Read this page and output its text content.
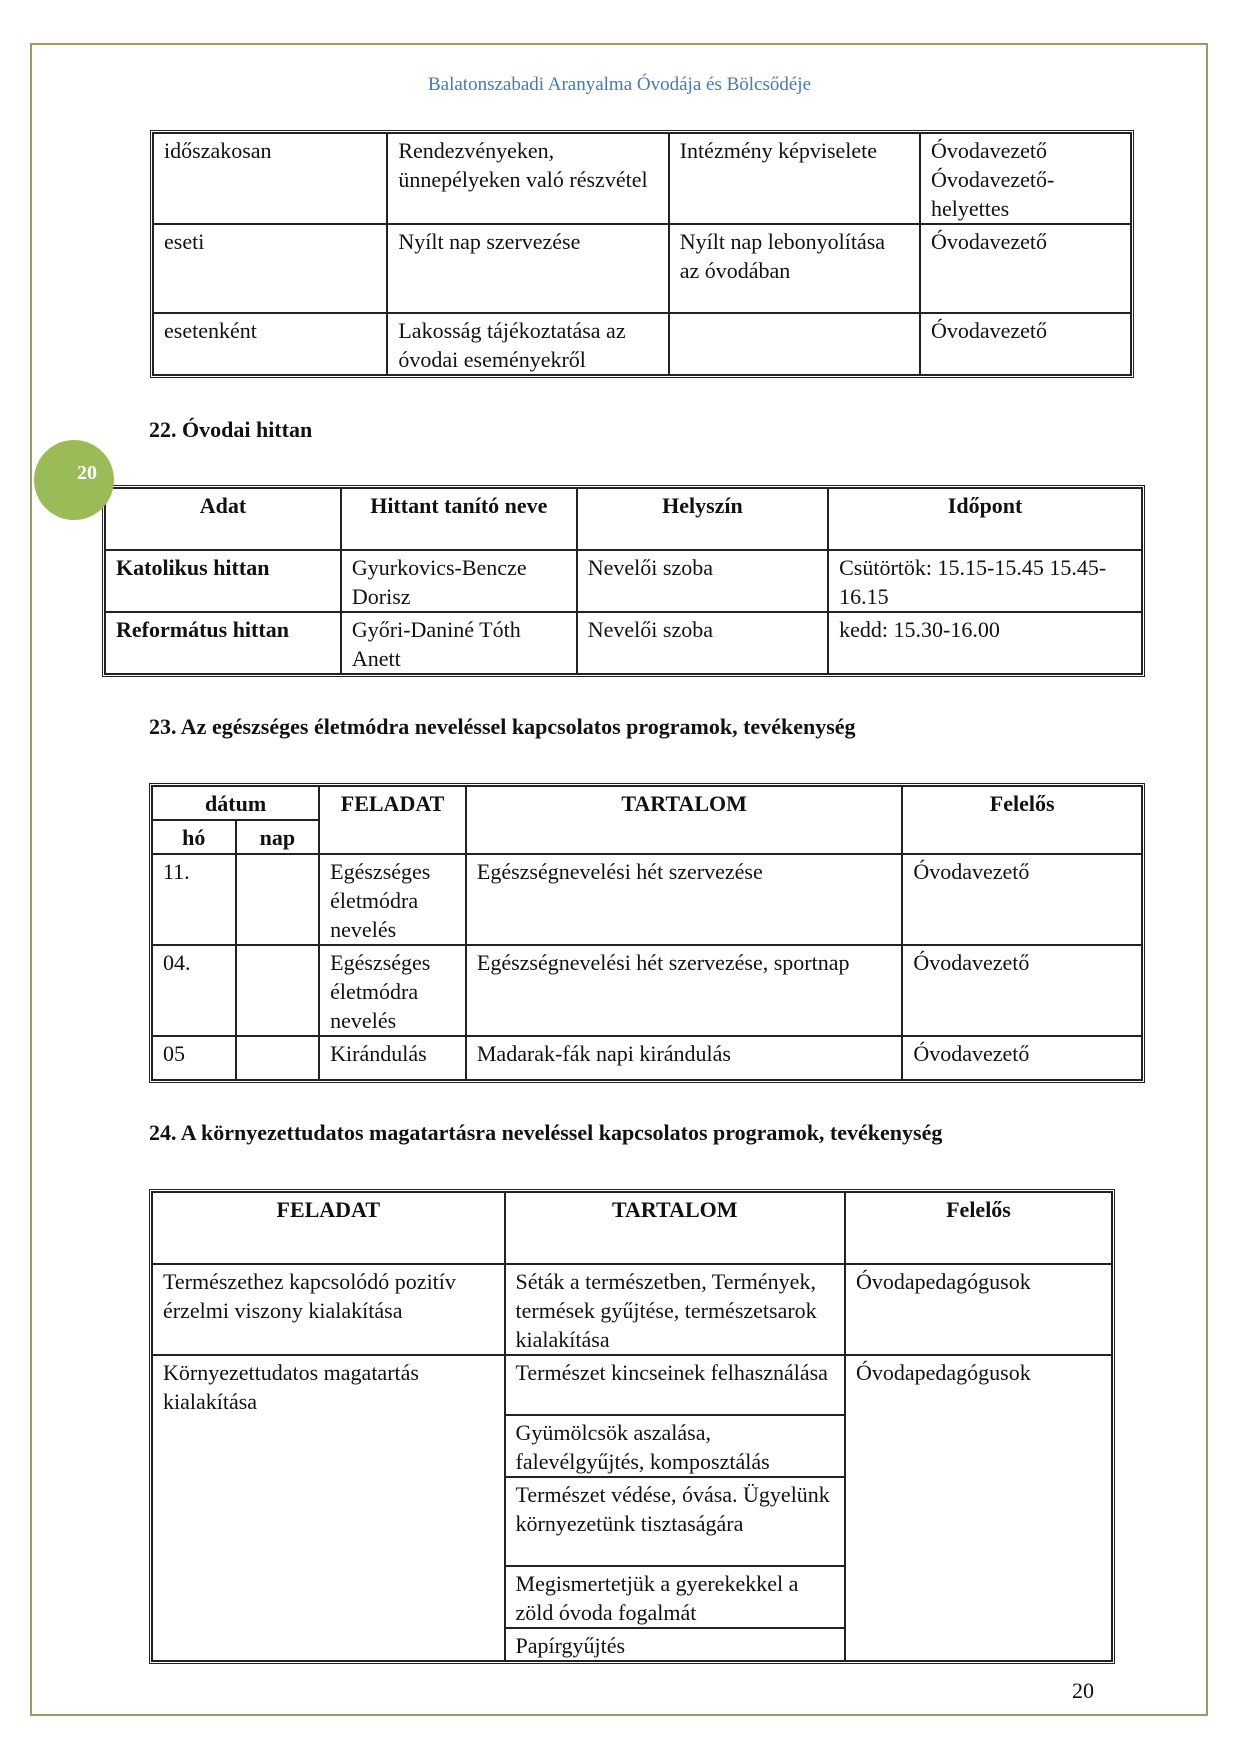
Balatonszabadi Aranyalma Óvodája és Bölcsődéje
időszakosan	Rendezvényeken, ünnepélyeken való részvétel	Intézmény képviselete	Óvodavezető Óvodavezető-helyettes
eseti	Nyílt nap szervezése	Nyílt nap lebonyolítása az óvodában	Óvodavezető
esetenként	Lakosság tájékoztatása az óvodai eseményekről		Óvodavezető
22. Óvodai hittan
20
Adat	Hittant tanító neve	Helyszín	Időpont
Katolikus hittan	Gyurkovics-Bencze Dorisz	Nevelői szoba	Csütörtök: 15.15-15.45 15.45-16.15
Református hittan	Győri-Daniné Tóth Anett	Nevelői szoba	kedd: 15.30-16.00
23. Az egészséges életmódra neveléssel kapcsolatos programok, tevékenység
dátum		FELADAT	TARTALOM	Felelős
hó	nap			
11.		Egészséges életmódra nevelés	Egészségnevelési hét szervezése	Óvodavezető
04.		Egészséges életmódra nevelés	Egészségnevelési hét szervezése, sportnap	Óvodavezető
05		Kirándulás	Madarak-fák napi kirándulás	Óvodavezető
24. A környezettudatos magatartásra neveléssel kapcsolatos programok, tevékenység
FELADAT	TARTALOM	Felelős
Természethez kapcsolódó pozitív érzelmi viszony kialakítása	Séták a természetben, Termények, termések gyűjtése, természetsarok kialakítása	Óvodapedagógusok
Környezettudatos magatartás kialakítása	Természet kincseinek felhasználása	Óvodapedagógusok
	Gyümölcsök aszalása, falevélgyűjtés, komposztálás	
	Természet védése, óvása. Ügyelünk környezetünk tisztaságára	
	Megismertetjük a gyerekekkel a zöld óvoda fogalmát	
	Papírgyűjtés	
20
